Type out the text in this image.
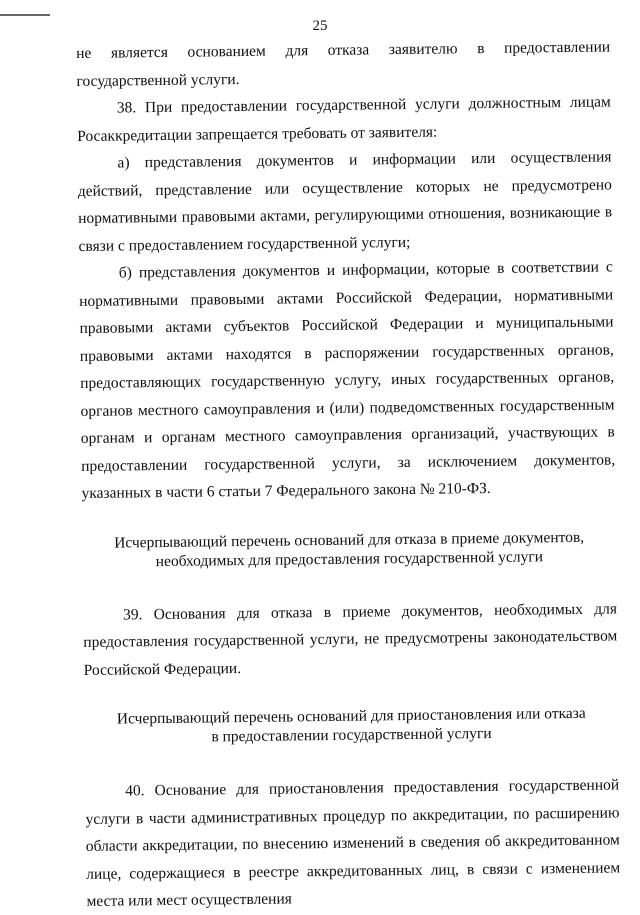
25

не является основанием для отказа заявителю в предоставлении государственной услуги.

38. При предоставлении государственной услуги должностным лицам Росаккредитации запрещается требовать от заявителя:

а) представления документов и информации или осуществления действий, представление или осуществление которых не предусмотрено нормативными правовыми актами, регулирующими отношения, возникающие в связи с предоставлением государственной услуги;

б) представления документов и информации, которые в соответствии с нормативными правовыми актами Российской Федерации, нормативными правовыми актами субъектов Российской Федерации и муниципальными правовыми актами находятся в распоряжении государственных органов, предоставляющих государственную услугу, иных государственных органов, органов местного самоуправления и (или) подведомственных государственным органам и органам местного самоуправления организаций, участвующих в предоставлении государственной услуги, за исключением документов, указанных в части 6 статьи 7 Федерального закона № 210-ФЗ.

Исчерпывающий перечень оснований для отказа в приеме документов,

необходимых для предоставления государственной услуги

39. Основания для отказа в приеме документов, необходимых для предоставления государственной услуги, не предусмотрены законодательством Российской Федерации.

Исчерпывающий перечень оснований для приостановления или отказа

в предоставлении государственной услуги

40. Основание для приостановления предоставления государственной услуги в части административных процедур по аккредитации, по расширению области аккредитации, по внесению изменений в сведения об аккредитованном лице, содержащиеся в реестре аккредитованных лиц, в связи с изменением места или мест осуществления
